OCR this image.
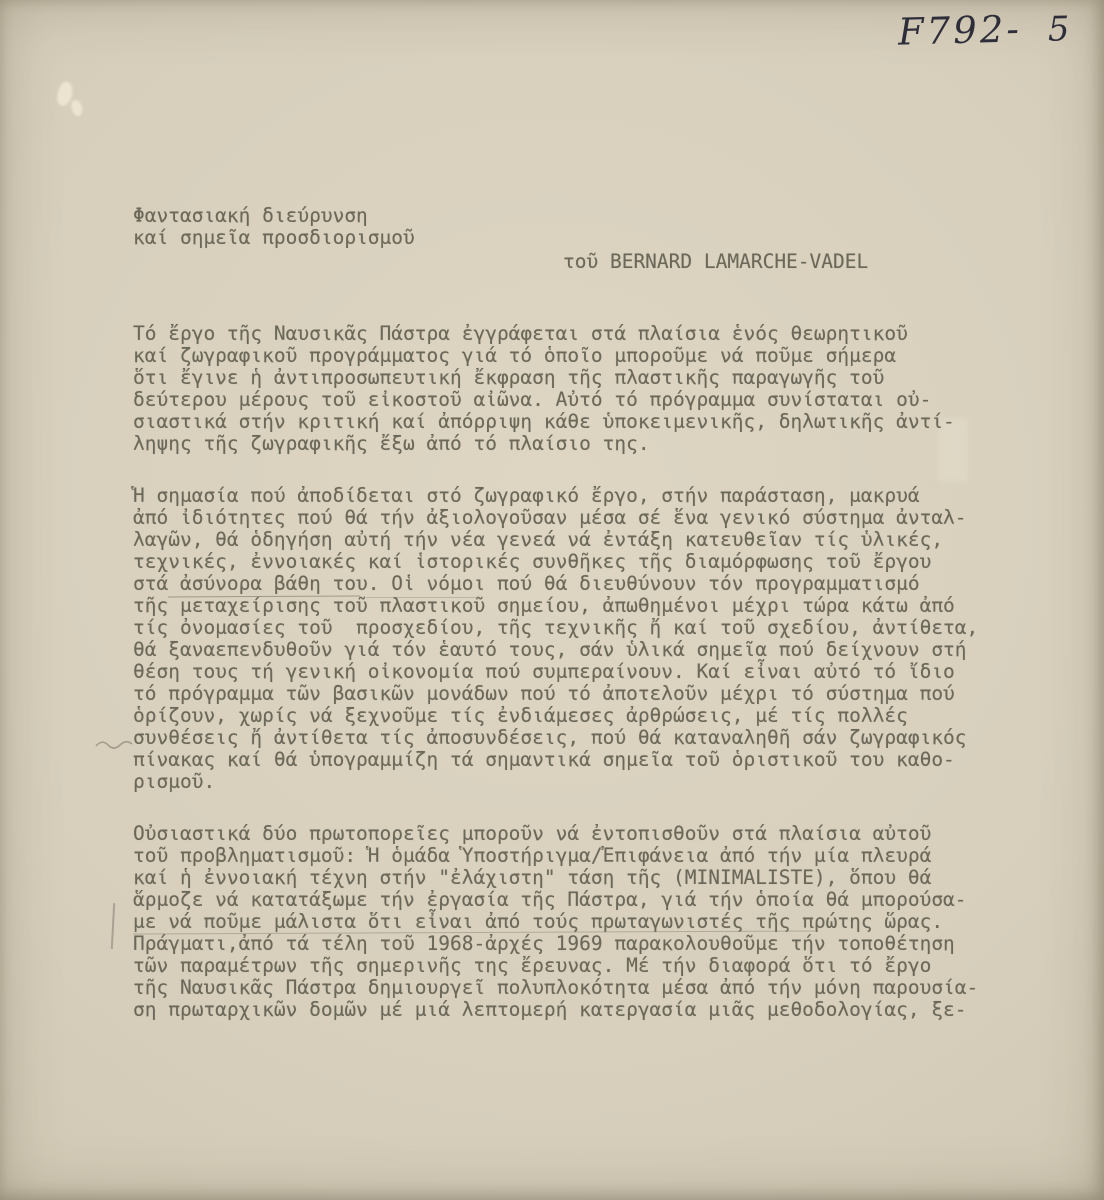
F792- 5
Φαντασιακή διεύρυνση
καί σημεῖα προσδιορισμοῦ
τοῦ BERNARD LAMARCHE-VADEL
Τό ἔργο τῆς Ναυσικᾶς Πάστρα ἐγγράφεται στά πλαίσια ἑνός θεωρητικοῦ
καί ζωγραφικοῦ προγράμματος γιά τό ὁποῖο μποροῦμε νά ποῦμε σήμερα
ὅτι ἔγινε ἡ ἀντιπροσωπευτική ἔκφραση τῆς πλαστικῆς παραγωγῆς τοῦ
δεύτερου μέρους τοῦ εἰκοστοῦ αἰῶνα. Αὐτό τό πρόγραμμα συνίσταται οὐ-
σιαστικά στήν κριτική καί ἀπόρριψη κάθε ὑποκειμενικῆς, δηλωτικῆς ἀντί-
ληψης τῆς ζωγραφικῆς ἔξω ἀπό τό πλαίσιο της.
Ἡ σημασία πού ἀποδίδεται στό ζωγραφικό ἔργο, στήν παράσταση, μακρυά
ἀπό ἰδιότητες πού θά τήν ἀξιολογοῦσαν μέσα σέ ἕνα γενικό σύστημα ἀνταλ-
λαγῶν, θά ὁδηγήση αὐτή τήν νέα γενεά νά ἐντάξη κατευθεῖαν τίς ὑλικές,
τεχνικές, ἐννοιακές καί ἱστορικές συνθῆκες τῆς διαμόρφωσης τοῦ ἔργου
στά ἀσύνορα βάθη του. Οἱ νόμοι πού θά διευθύνουν τόν προγραμματισμό
τῆς μεταχείρισης τοῦ πλαστικοῦ σημείου, ἀπωθημένοι μέχρι τώρα κάτω ἀπό
τίς ὀνομασίες τοῦ  προσχεδίου, τῆς τεχνικῆς ἤ καί τοῦ σχεδίου, ἀντίθετα,
θά ξαναεπενδυθοῦν γιά τόν ἑαυτό τους, σάν ὑλικά σημεῖα πού δείχνουν στή
θέση τους τή γενική οἰκονομία πού συμπεραίνουν. Καί εἶναι αὐτό τό ἴδιο
τό πρόγραμμα τῶν βασικῶν μονάδων πού τό ἀποτελοῦν μέχρι τό σύστημα πού
ὁρίζουν, χωρίς νά ξεχνοῦμε τίς ἐνδιάμεσες ἀρθρώσεις, μέ τίς πολλές
συνθέσεις ἤ ἀντίθετα τίς ἀποσυνδέσεις, πού θά καταναληθῆ σάν ζωγραφικός
πίνακας καί θά ὑπογραμμίζη τά σημαντικά σημεῖα τοῦ ὁριστικοῦ του καθο-
ρισμοῦ.
Οὐσιαστικά δύο πρωτοπορεῖες μποροῦν νά ἐντοπισθοῦν στά πλαίσια αὐτοῦ
τοῦ προβληματισμοῦ: Ἡ ὁμάδα Ὑποστήριγμα/Ἐπιφάνεια ἀπό τήν μία πλευρά
καί ἡ ἐννοιακή τέχνη στήν "ἐλάχιστη" τάση τῆς (MINIMALISTE), ὅπου θά
ἅρμοζε νά κατατάξωμε τήν ἐργασία τῆς Πάστρα, γιά τήν ὁποία θά μπορούσα-
με νά ποῦμε μάλιστα ὅτι εἶναι ἀπό τούς πρωταγωνιστές τῆς πρώτης ὥρας.
Πράγματι,ἀπό τά τέλη τοῦ 1968-ἀρχές 1969 παρακολουθοῦμε τήν τοποθέτηση
τῶν παραμέτρων τῆς σημερινῆς της ἔρευνας. Μέ τήν διαφορά ὅτι τό ἔργο
τῆς Ναυσικᾶς Πάστρα δημιουργεῖ πολυπλοκότητα μέσα ἀπό τήν μόνη παρουσία-
ση πρωταρχικῶν δομῶν μέ μιά λεπτομερή κατεργασία μιᾶς μεθοδολογίας, ξε-
